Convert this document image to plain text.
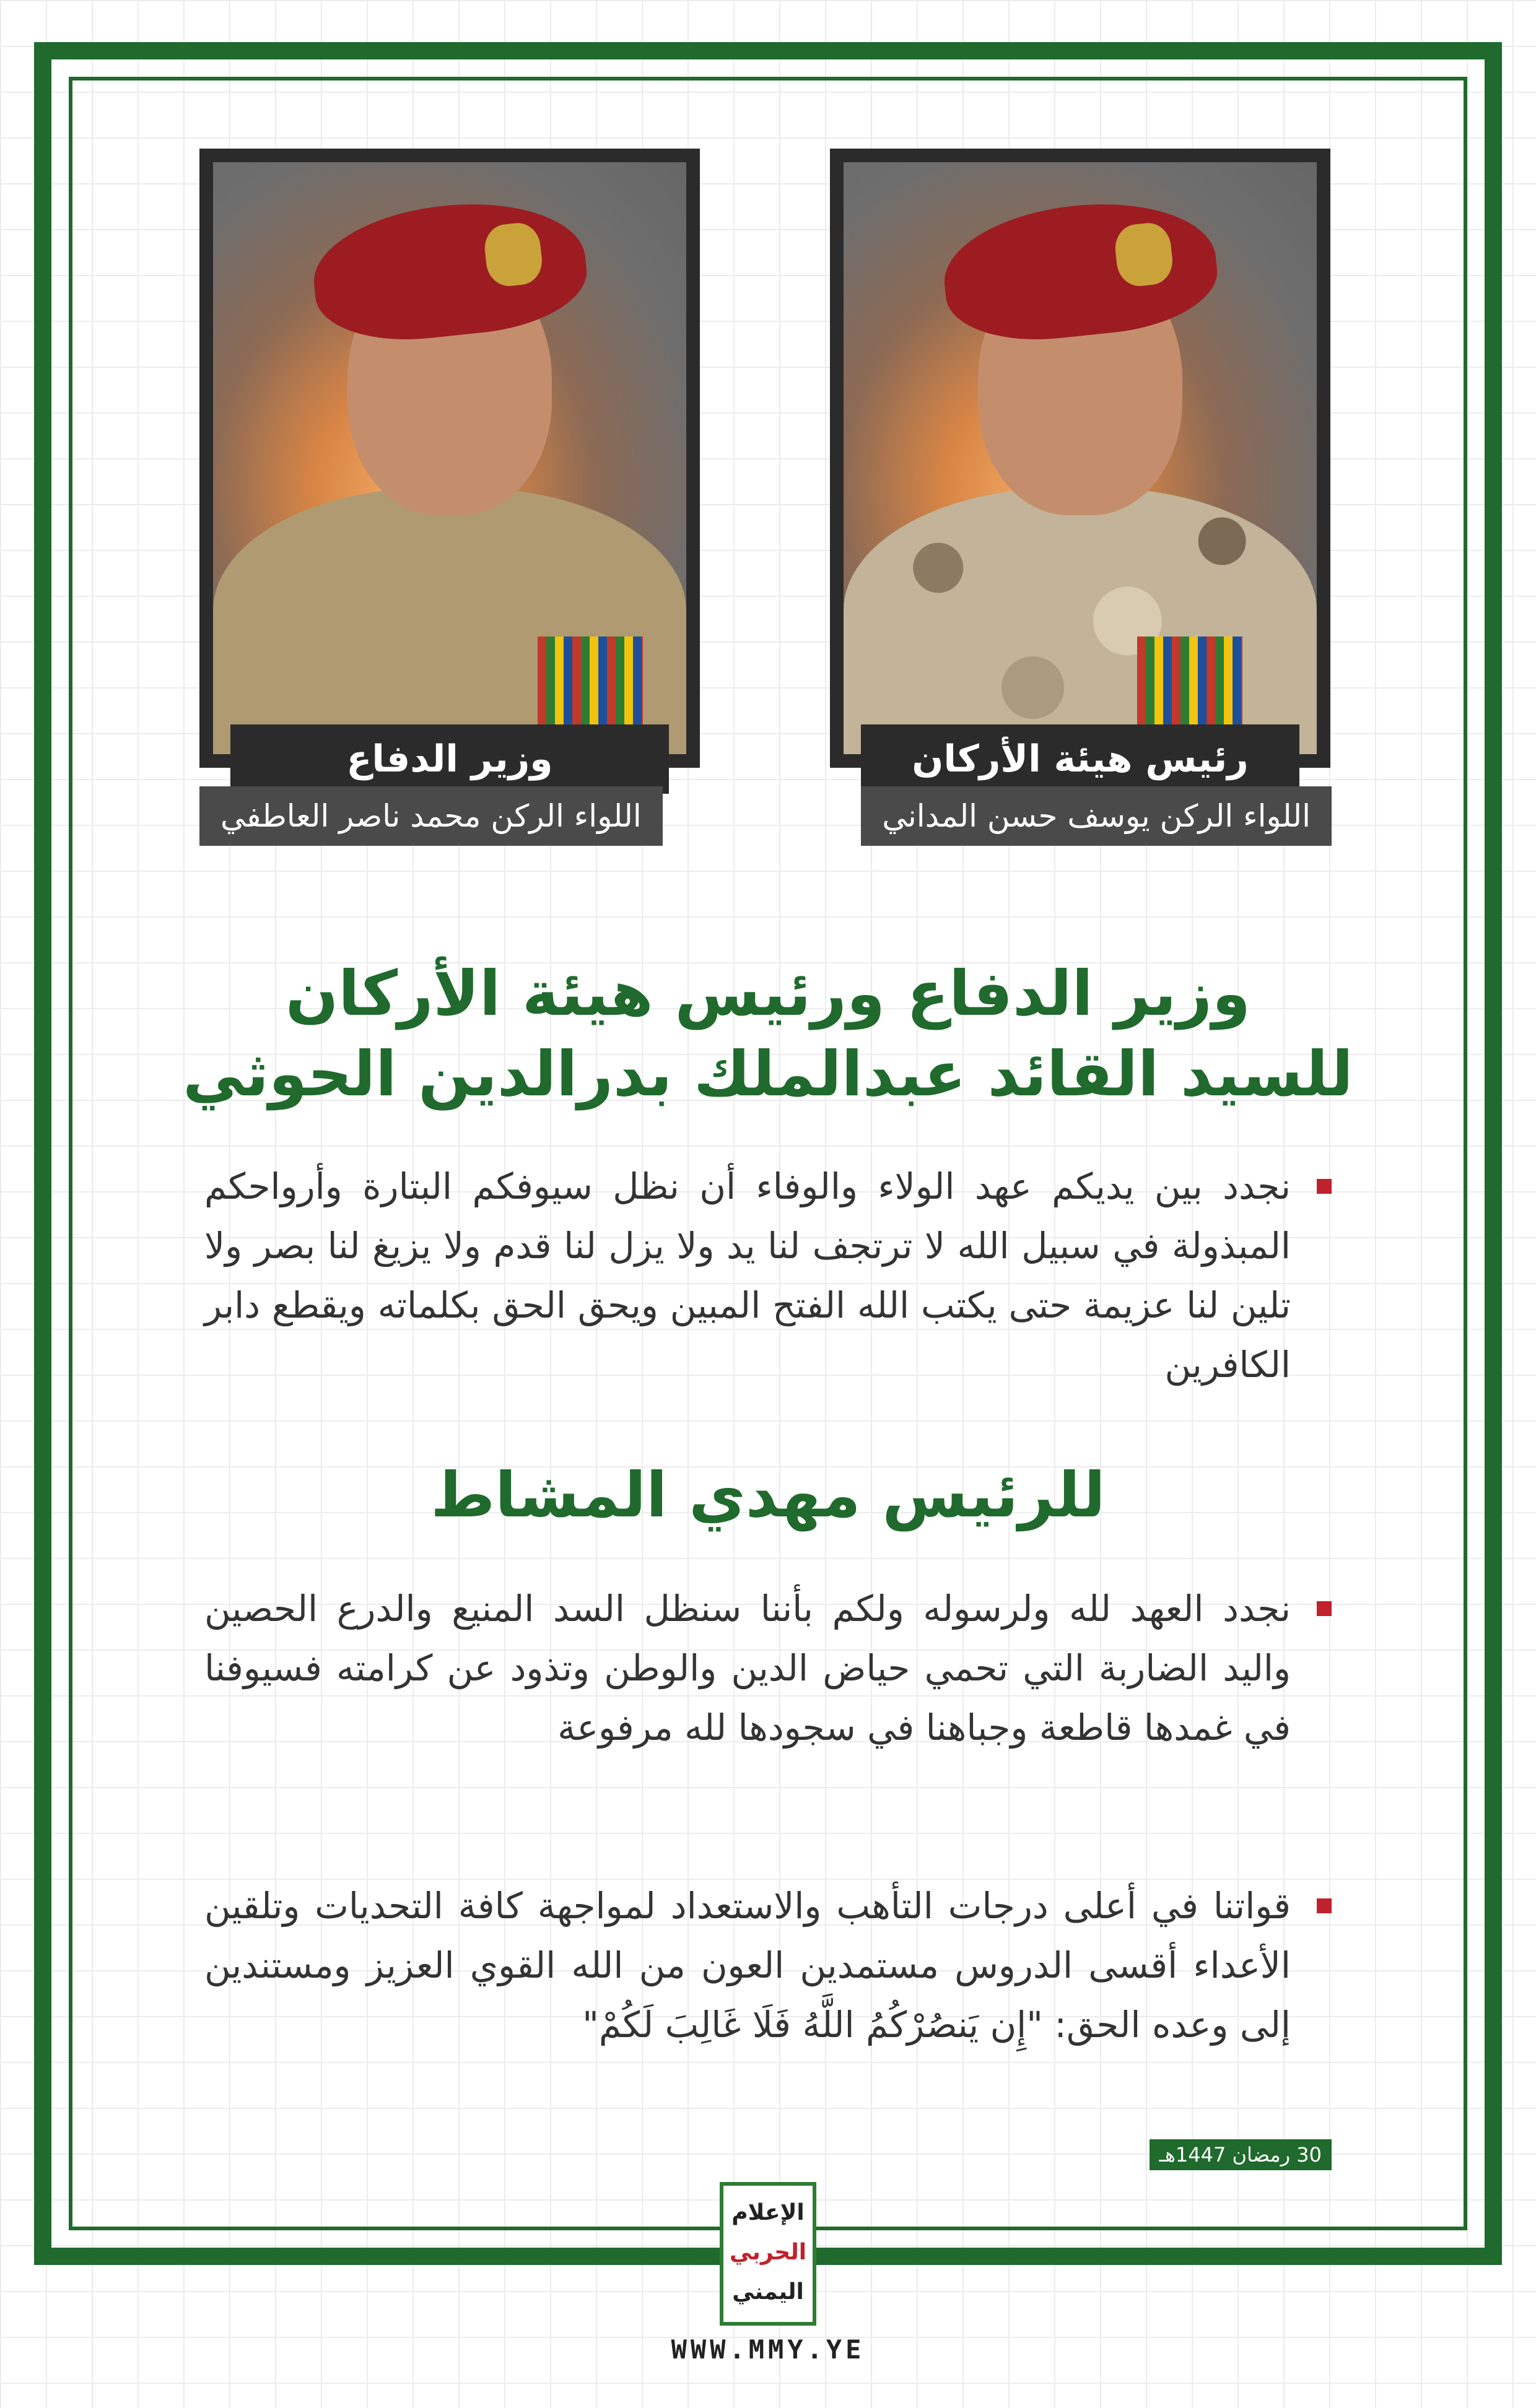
رئيس هيئة الأركان
اللواء الركن يوسف حسن المداني
وزير الدفاع
اللواء الركن محمد ناصر العاطفي
وزير الدفاع ورئيس هيئة الأركان
للسيد القائد عبدالملك بدرالدين الحوثي
نجدد بين يديكم عهد الولاء والوفاء أن نظل سيوفكم البتارة وأرواحكم المبذولة في سبيل الله لا ترتجف لنا يد ولا يزل لنا قدم ولا يزيغ لنا بصر ولا تلين لنا عزيمة حتى يكتب الله الفتح المبين ويحق الحق بكلماته ويقطع دابر الكافرين
للرئيس مهدي المشاط
نجدد العهد لله ولرسوله ولكم بأننا سنظل السد المنيع والدرع الحصين واليد الضاربة التي تحمي حياض الدين والوطن وتذود عن كرامته فسيوفنا في غمدها قاطعة وجباهنا في سجودها لله مرفوعة
قواتنا في أعلى درجات التأهب والاستعداد لمواجهة كافة التحديات وتلقين الأعداء أقسى الدروس مستمدين العون من الله القوي العزيز ومستندين إلى وعده الحق: "إِن يَنصُرْكُمُ اللَّهُ فَلَا غَالِبَ لَكُمْ"
30 رمضان 1447هـ
الإعلام
الحربي
اليمني
WWW.MMY.YE
